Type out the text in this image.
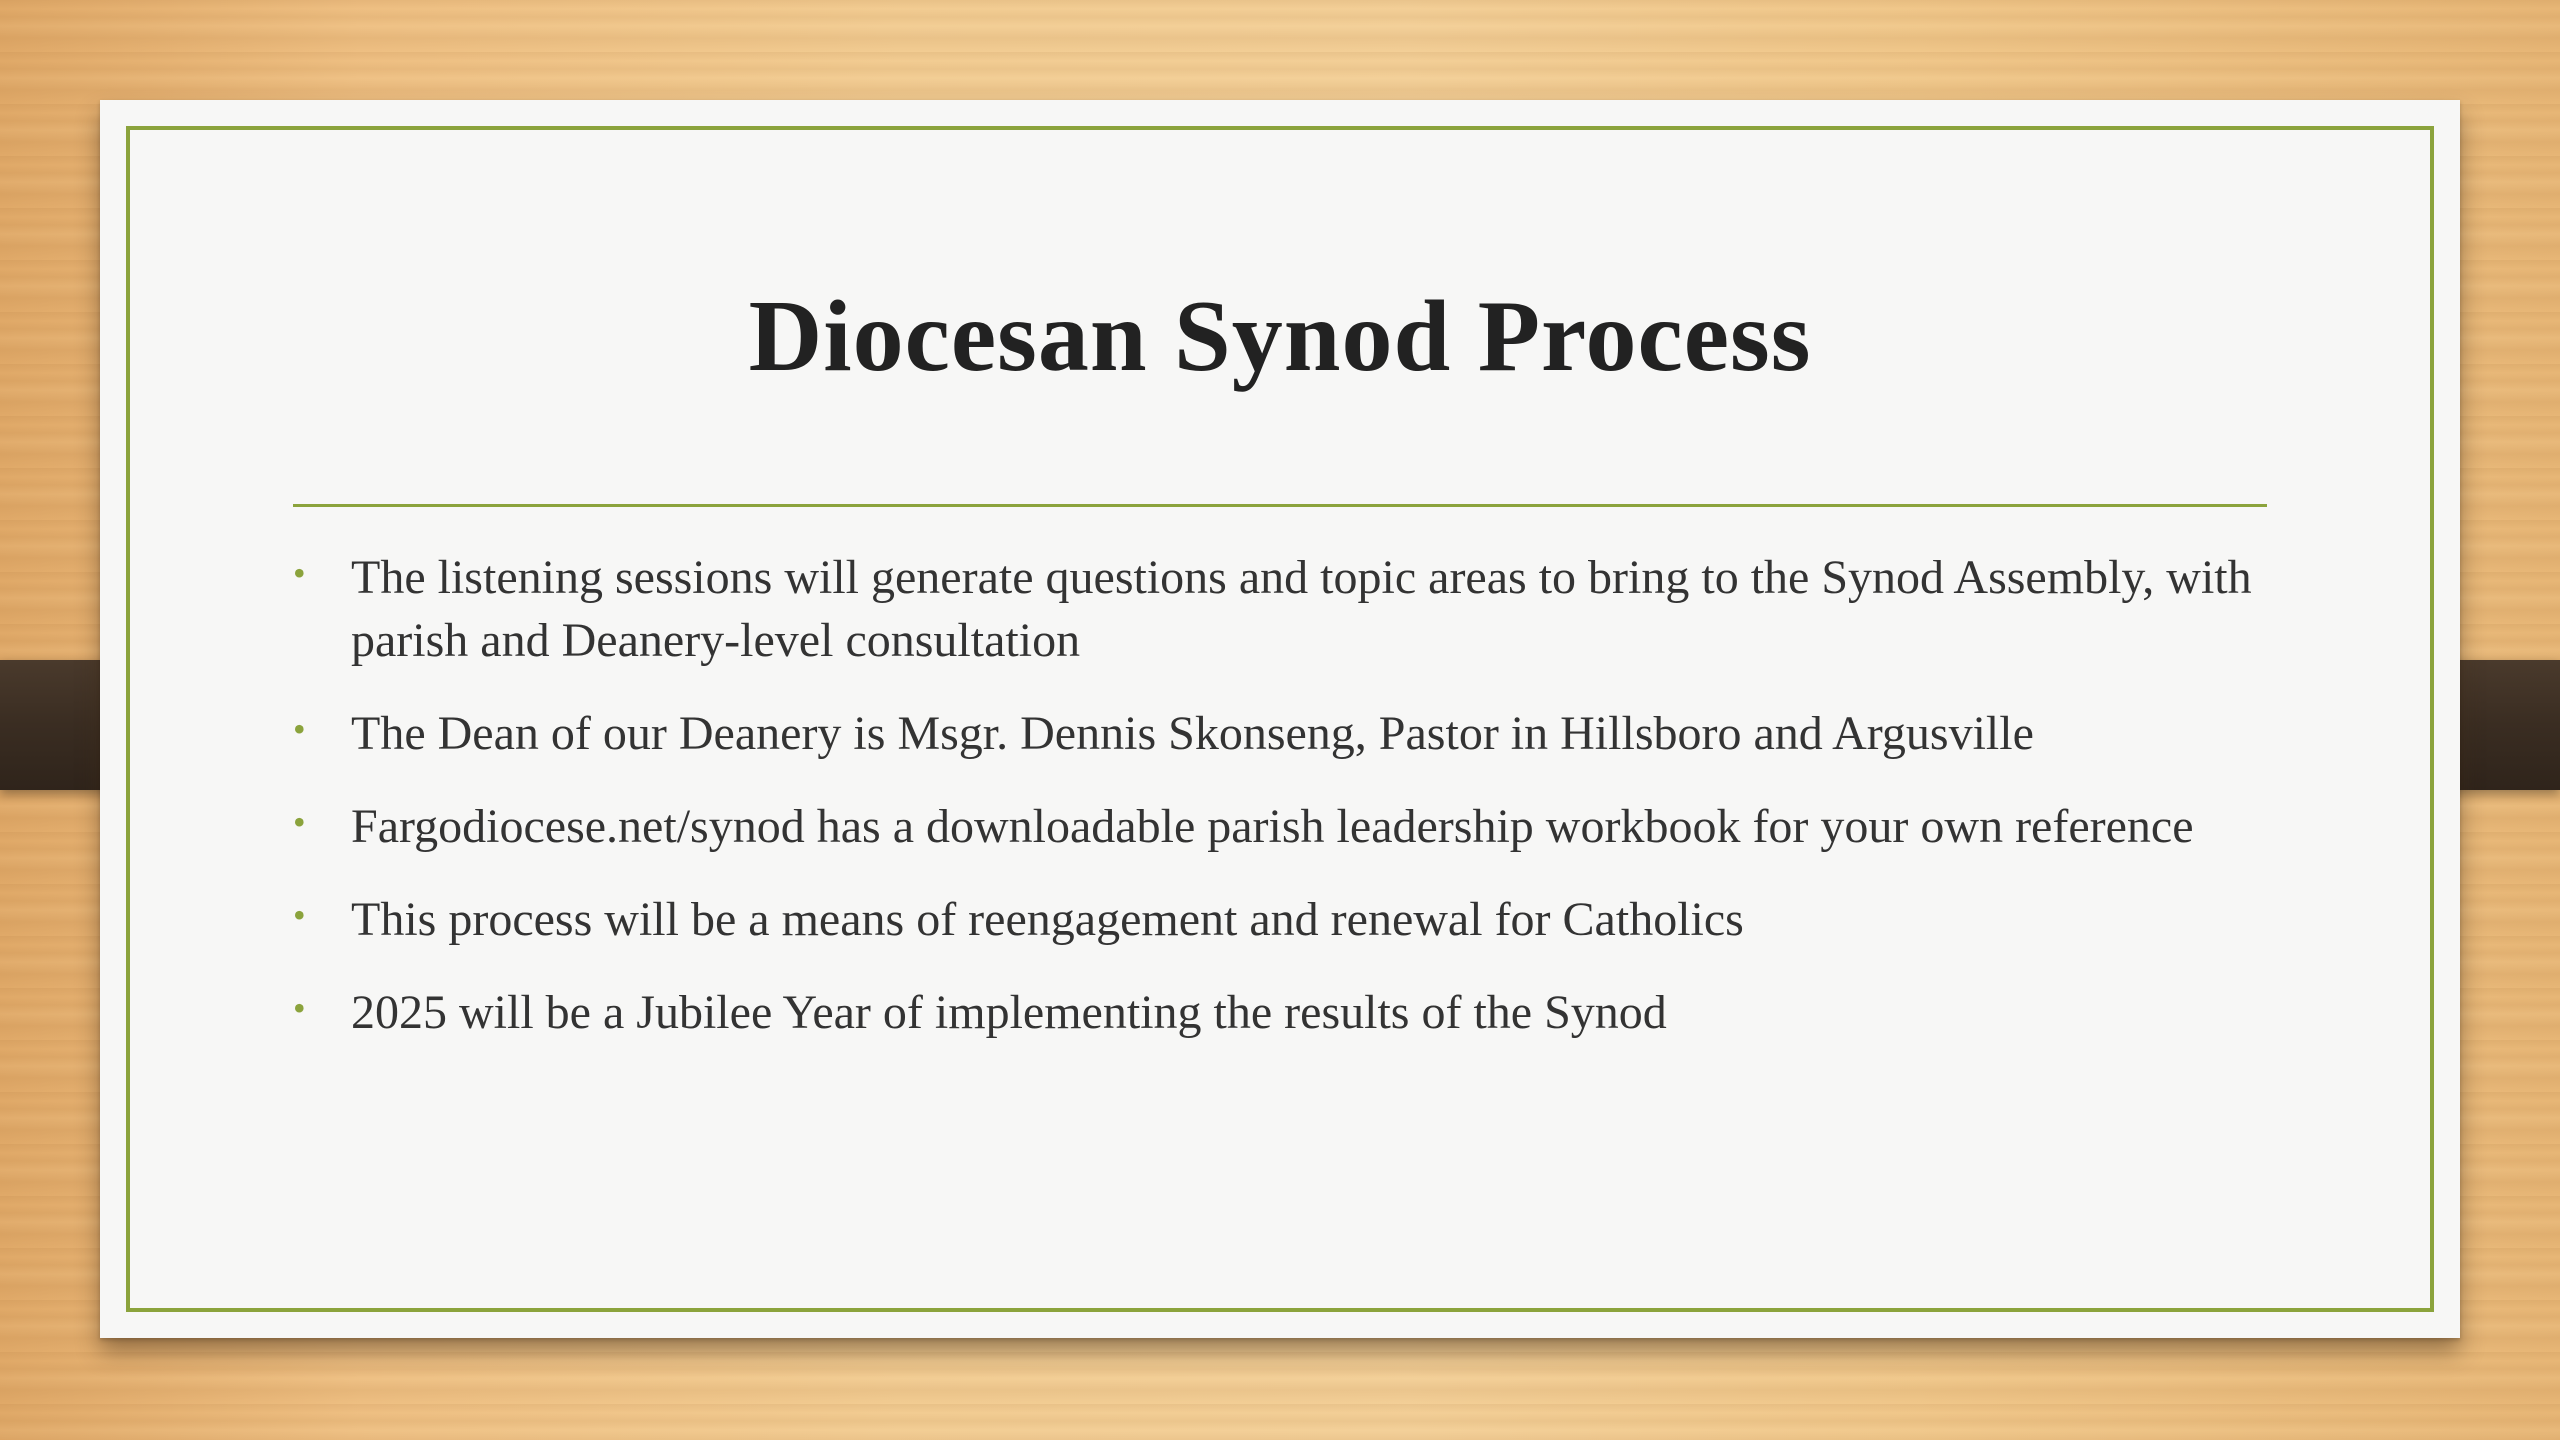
Diocesan Synod Process
• The listening sessions will generate questions and topic areas to bring to the Synod Assembly, with parish and Deanery-level consultation
• The Dean of our Deanery is Msgr. Dennis Skonseng, Pastor in Hillsboro and Argusville
• Fargodiocese.net/synod has a downloadable parish leadership workbook for your own reference
• This process will be a means of reengagement and renewal for Catholics
• 2025 will be a Jubilee Year of implementing the results of the Synod
